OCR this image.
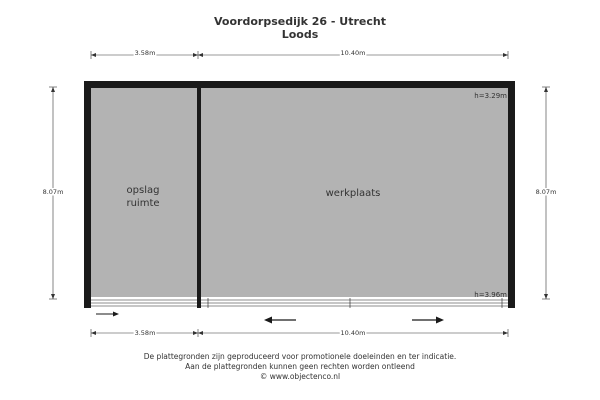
Voordorpsedijk 26 - Utrecht
Loods
3.58m	10.40m
3.58m	10.40m
8.07m	8.07m
opslag
ruimte
werkplaats
h=3.29m
h=3.96m
De plattegronden zijn geproduceerd voor promotionele doeleinden en ter indicatie.
Aan de plattegronden kunnen geen rechten worden ontleend
© www.objectenco.nl
